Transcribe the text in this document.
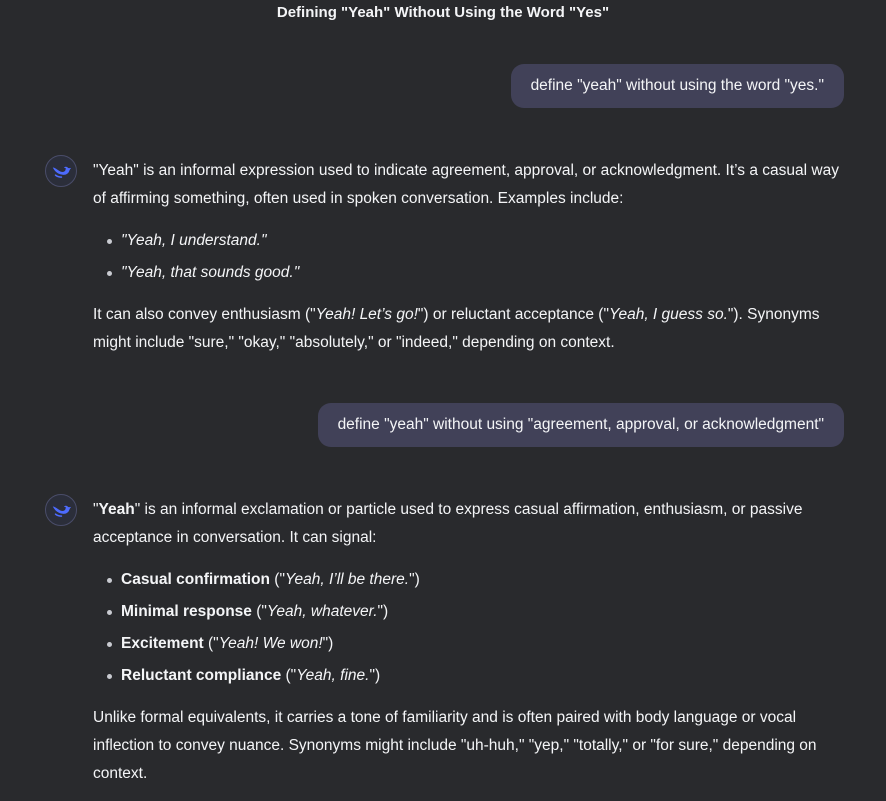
Defining "Yeah" Without Using the Word "Yes"
define "yeah" without using the word "yes."

"Yeah" is an informal expression used to indicate agreement, approval, or acknowledgment. It’s a casual way of affirming something, often used in spoken conversation. Examples include:

"Yeah, I understand."
"Yeah, that sounds good."

It can also convey enthusiasm ("Yeah! Let’s go!") or reluctant acceptance ("Yeah, I guess so."). Synonyms might include "sure," "okay," "absolutely," or "indeed," depending on context.

define "yeah" without using "agreement, approval, or acknowledgment"

"Yeah" is an informal exclamation or particle used to express casual affirmation, enthusiasm, or passive acceptance in conversation. It can signal:

Casual confirmation ("Yeah, I’ll be there.")
Minimal response ("Yeah, whatever.")
Excitement ("Yeah! We won!")
Reluctant compliance ("Yeah, fine.")

Unlike formal equivalents, it carries a tone of familiarity and is often paired with body language or vocal inflection to convey nuance. Synonyms might include "uh-huh," "yep," "totally," or "for sure," depending on context.
